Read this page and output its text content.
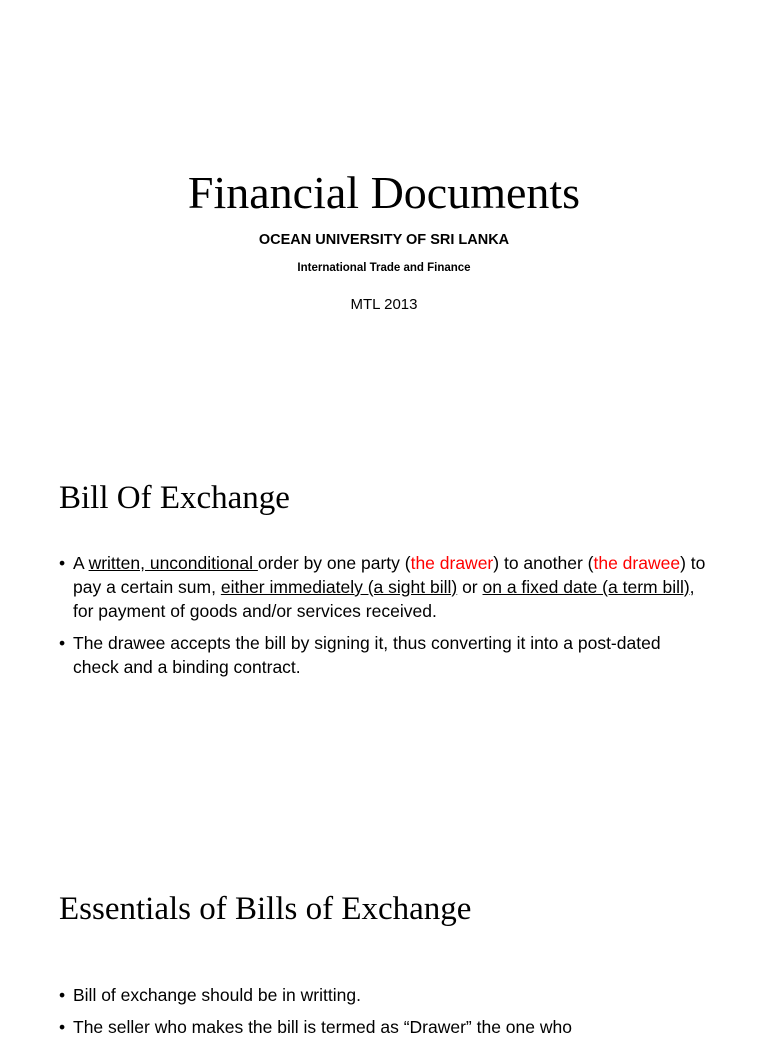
Financial Documents
OCEAN UNIVERSITY OF SRI LANKA
International Trade and Finance
MTL 2013
Bill Of Exchange
• A written, unconditional order by one party (the drawer) to another (the drawee) to pay a certain sum, either immediately (a sight bill) or on a fixed date (a term bill), for payment of goods and/or services received.
• The drawee accepts the bill by signing it, thus converting it into a post-dated check and a binding contract.
Essentials of Bills of Exchange
• Bill of exchange should be in writting.
• The seller who makes the bill is termed as “Drawer” the one who
